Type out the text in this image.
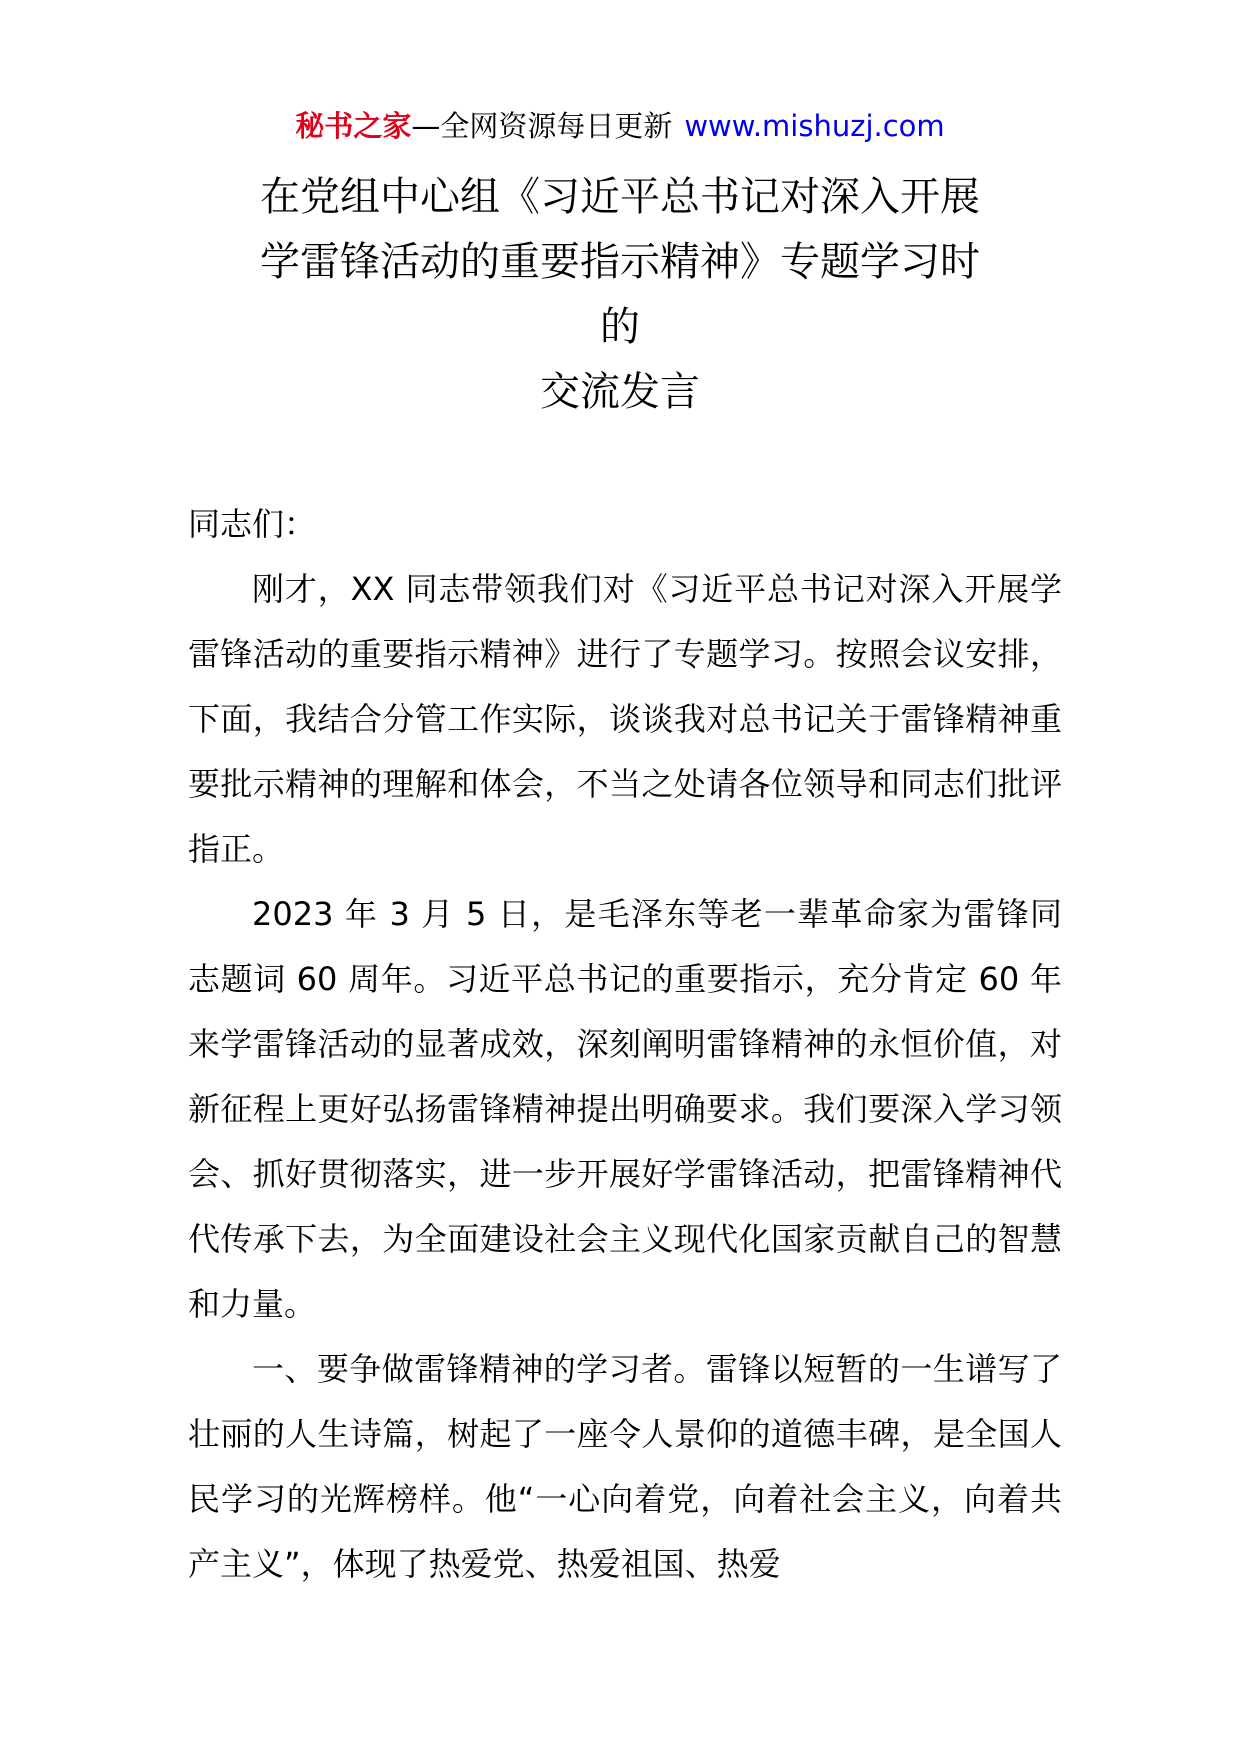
秘书之家—全网资源每日更新 www.mishuzj.com
在党组中心组《习近平总书记对深入开展
学雷锋活动的重要指示精神》专题学习时
的
交流发言

同志们：

刚才，XX 同志带领我们对《习近平总书记对深入开展学雷锋活动的重要指示精神》进行了专题学习。按照会议安排，下面，我结合分管工作实际，谈谈我对总书记关于雷锋精神重要批示精神的理解和体会，不当之处请各位领导和同志们批评指正。

2023 年 3 月 5 日，是毛泽东等老一辈革命家为雷锋同志题词 60 周年。习近平总书记的重要指示，充分肯定 60 年来学雷锋活动的显著成效，深刻阐明雷锋精神的永恒价值，对新征程上更好弘扬雷锋精神提出明确要求。我们要深入学习领会、抓好贯彻落实，进一步开展好学雷锋活动，把雷锋精神代代传承下去，为全面建设社会主义现代化国家贡献自己的智慧和力量。

一、要争做雷锋精神的学习者。雷锋以短暂的一生谱写了壮丽的人生诗篇，树起了一座令人景仰的道德丰碑，是全国人民学习的光辉榜样。他“一心向着党，向着社会主义，向着共产主义”，体现了热爱党、热爱祖国、热爱
